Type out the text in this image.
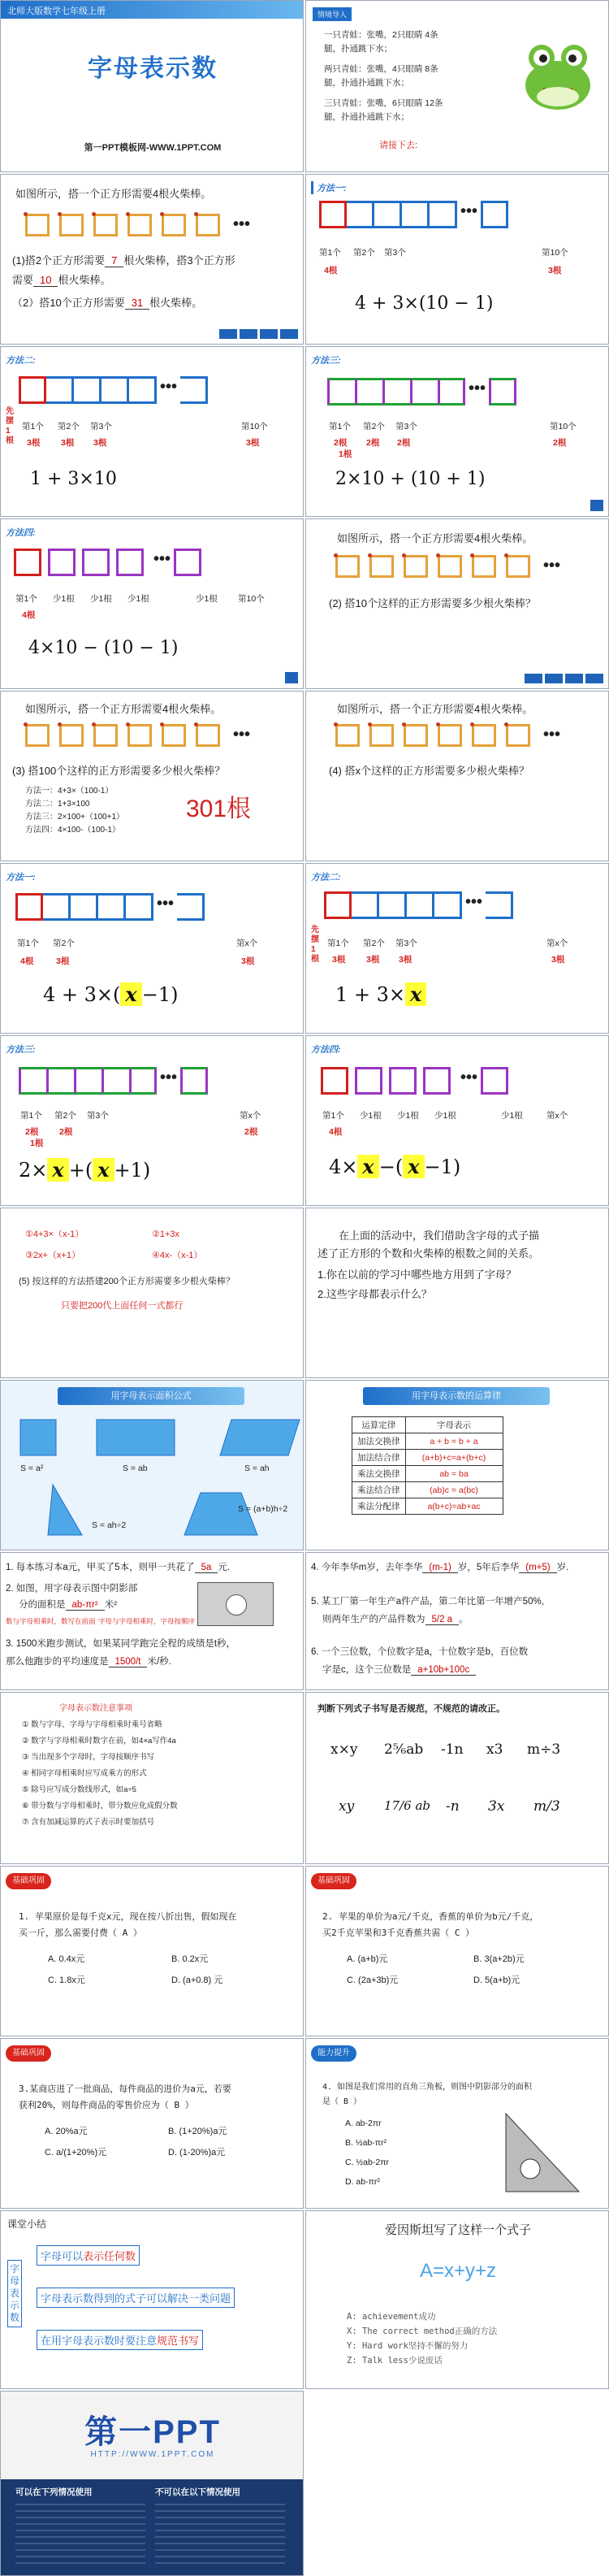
北师大版数学七年级上册
字母表示数
第一PPT模板网-WWW.1PPT.COM
情境导入
一只青蛙：张嘴，2只眼睛 4条
腿，扑通跳下水；
两只青蛙：张嘴，4只眼睛 8条
腿，扑通扑通跳下水；
三只青蛙：张嘴，6只眼睛 12条
腿，扑通扑通跳下水；
请接下去:
如图所示，搭一个正方形需要4根火柴棒。
•••
(1)搭2个正方形需要 7 根火柴棒，搭3个正方形
需要 10 根火柴棒。
（2）搭10个正方形需要 31 根火柴棒。
方法一:
•••
第1个 第2个 第3个	第10个
4根	3根
4 + 3×(10 − 1)
方法二:
•••
先摆1根
第1个 第2个 第3个	第10个
3根 3根 3根	3根
1 + 3×10
方法三:
•••
第1个 第2个 第3个	第10个
2根 2根 2根	2根
1根
2×10 + (10 + 1)
方法四:
•••
第1个 少1根 少1根 少1根	少1根 第10个
4根
4×10 − (10 − 1)
如图所示，搭一个正方形需要4根火柴棒。
•••
(2) 搭10个这样的正方形需要多少根火柴棒？
如图所示，搭一个正方形需要4根火柴棒。
•••
(3) 搭100个这样的正方形需要多少根火柴棒？
方法一：4+3×（100-1）
方法二：1+3×100
方法三：2×100+（100+1）
方法四：4×100-（100-1）
301根
如图所示，搭一个正方形需要4根火柴棒。
•••
(4) 搭x个这样的正方形需要多少根火柴棒？
方法一:
•••
第1个 第2个	第x个
4根	3根	3根
4 + 3×( x −1)
方法二:
•••
先摆1根
第1个 第2个 第3个	第x个
3根 3根 3根	3根
1 + 3× x
方法三:
•••
第1个 第2个 第3个	第x个
2根 2根	2根
1根
2× x +( x +1)
方法四:
•••
第1个 少1根 少1根 少1根	少1根	第x个
4根
4× x −( x −1)
①4+3×（x-1）	②1+3x
③2x+（x+1）	④4x-（x-1）
(5) 按这样的方法搭建200个正方形需要多少根火柴棒？
只要把200代上面任何一式都行
在上面的活动中，我们借助含字母的式子描
述了正方形的个数和火柴棒的根数之间的关系。
1.你在以前的学习中哪些地方用到了字母？
2.这些字母都表示什么？
用字母表示面积公式
S = a²	S = ab	S = ah
S = ah÷2
S = (a+b)h÷2
用字母表示数的运算律
运算定律	字母表示
加法交换律	a + b = b + a
加法结合律	(a+b)+c=a+(b+c)
乘法交换律	ab = ba
乘法结合律	(ab)c = a(bc)
乘法分配律	a(b+c)=ab+ac
1. 每本练习本a元，甲买了5本，则甲一共花了 5a 元.
2. 如图，用字母表示图中阴影部
分的面积是 ab-πr² 米²
数与字母相乘时，数写在前面 字母与字母相乘时，字母按顺序
3. 1500米跑步测试，如果某同学跑完全程的成绩是t秒，
那么他跑步的平均速度是 1500/t 米/秒.
4. 今年李华m岁，去年李华 (m-1) 岁，5年后李华 (m+5) 岁.
5. 某工厂第一年生产a件产品，第二年比第一年增产50%,
则两年生产的产品件数为 5/2 a 。
6. 一个三位数，个位数字是a，十位数字是b，百位数
字是c，这个三位数是 a+10b+100c
字母表示数注意事项
① 数与字母、字母与字母相乘时乘号省略
② 数字与字母相乘时数字在前，如4×a写作4a
③ 当出现多个字母时，字母按顺序书写
④ 相同字母相乘时应写成乘方的形式
⑤ 除号应写成分数线形式，如a÷5
⑥ 带分数与字母相乘时，带分数应化成假分数
⑦ 含有加减运算的式子表示时要加括号
判断下列式子书写是否规范，不规范的请改正。
x×y 2⅚ab -1n x3 m÷3
xy 17/6 ab -n 3x m/3
基础巩固
1. 苹果原价是每千克x元，现在按八折出售，假如现在
买一斤，那么需要付费（ A ）
A. 0.4x元	B. 0.2x元
C. 1.8x元	D. (a+0.8) 元
基础巩固
2. 苹果的单价为a元/千克，香蕉的单价为b元/千克，
买2千克苹果和3千克香蕉共需（ C ）
A. (a+b)元	B. 3(a+2b)元
C. (2a+3b)元	D. 5(a+b)元
基础巩固
3.某商店进了一批商品，每件商品的进价为a元，若要
获利20%，则每件商品的零售价应为（ B ）
A. 20%a元	B. (1+20%)a元
C. a/(1+20%)元	D. (1-20%)a元
能力提升
4. 如图是我们常用的直角三角板，则图中阴影部分的面积
是（ B ）
A. ab-2πr
B. ½ab-πr²
C. ½ab-2πr
D. ab-πr²
课堂小结
字母表示数
字母可以表示任何数
字母表示数得到的式子可以解决一类问题
在用字母表示数时要注意规范书写
爱因斯坦写了这样一个式子
A=x+y+z
A: achievement成功
X: The correct method正确的方法
Y: Hard work坚持不懈的努力
Z: Talk less少说废话
第一PPT
HTTP://WWW.1PPT.COM
可以在下列情况使用	不可以在以下情况使用
